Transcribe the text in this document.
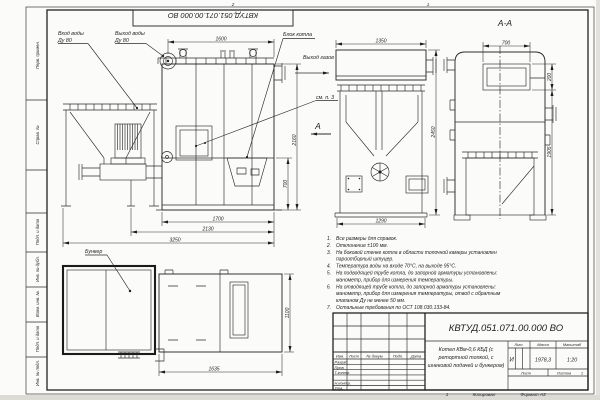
Перв. примен.
Справ. №
Подп. и дата
Инв. № дубл.
Взам. инв. №
Подп. и дата
Инв. № подл.
2	1
КВТУД.051.071.00.000 ВО
1	Копировал	Формат А3
Вход воды
Ду 80
Выход воды
Ду 80
Блок котла
Выход газов
см. п. 3
1600
2160
700
1700
2130
3250
А
1350
2450
1290
А-А
700
200
1905
Бункер
1100
1635
1. Все размеры для справок.
2. Отклонение ±100 мм.
3. На боковой стенке котла в области топочной камеры установлен
пароотборный штуцер.
4. Температура воды на входе 70°С, на выходе 95°С.
5. На подводящей трубе котла, до запорной арматуры установлены:
манометр, прибор для измерения температуры.
6. На отводящей трубе котла, до запорной арматуры установлены:
манометр, прибор для измерения температуры, отвод с обратным
клапаном Ду не менее 50 мм.
7. Остальные требования по ОСТ 108.030.133-84.
КВТУД.051.071.00.000 ВО
Котел КВм-0,6 КБД (с
ретортной топкой, с
шнековой подачей и бункером)
Изм. Лист № докум. Подп. Дата
Разраб.
Пров.
Т.контр.
Н.контр.
Утв.
Лит.	Масса	Масштаб
И	1978,3	1:20
Лист	Листов	1
